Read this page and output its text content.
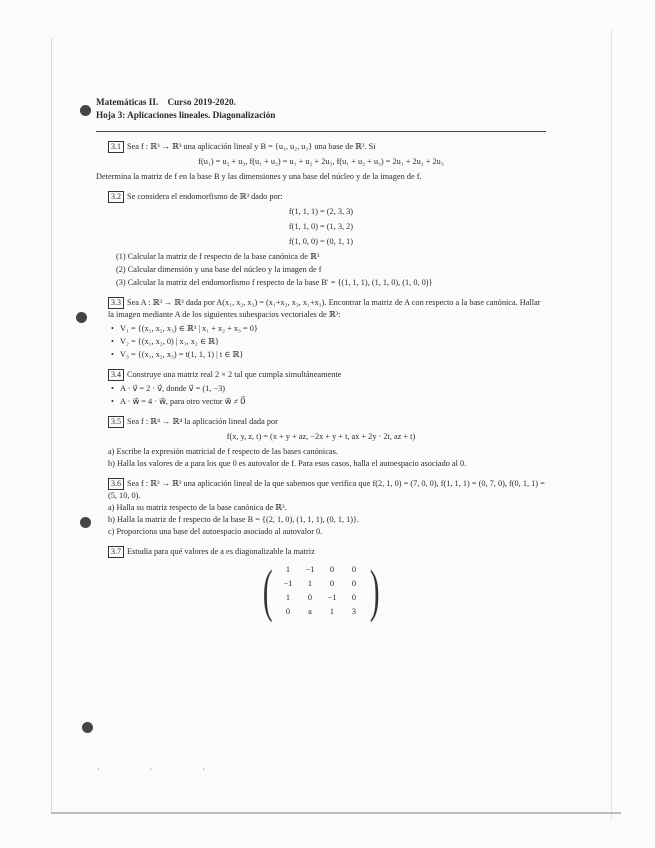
Matemáticas II.    Curso 2019-2020.
Hoja 3: Aplicaciones lineales. Diagonalización
3.1 Sea f : ℝ³ → ℝ³ una aplicación lineal y B = {u₁, u₂, u₃} una base de ℝ³. Si
f(u₁) = u₂ + u₃, f(u₁ + u₂) = u₁ + u₂ + 2u₃, f(u₁ + u₂ + u₃) = 2u₁ + 2u₂ + 2u₃
Determina la matriz de f en la base B y las dimensiones y una base del núcleo y de la imagen de f.
3.2 Se considera el endomorfismo de ℝ³ dado por:
f(1, 1, 1) = (2, 3, 3)
f(1, 1, 0) = (1, 3, 2)
f(1, 0, 0) = (0, 1, 1)
(1) Calcular la matriz de f respecto de la base canónica de ℝ³
(2) Calcular dimensión y una base del núcleo y la imagen de f
(3) Calcular la matriz del endomorfismo f respecto de la base B′ = {(1, 1, 1), (1, 1, 0), (1, 0, 0)}
3.3 Sea A : ℝ³ → ℝ³ dada por A(x₁, x₂, x₃) = (x₁+x₂, x₃, x₁+x₃). Encontrar la matriz de A con respecto a la base canónica. Hallar la imagen mediante A de los siguientes subespacios vectoriales de ℝ³:
• V₁ = {(x₁, x₂, x₃) ∈ ℝ³ | x₁ + x₂ + x₃ = 0}
• V₂ = {(x₁, x₂, 0) | x₁, x₂ ∈ ℝ}
• V₃ = {(x₁, x₂, x₃) = t(1, 1, 1) | t ∈ ℝ}
3.4 Construye una matriz real 2 × 2 tal que cumpla simultáneamente
• A · v⃗ = 2 · v⃗, donde v⃗ = (1, −3)
• A · w⃗ = 4 · w⃗, para otro vector w⃗ ≠ 0⃗
3.5 Sea f : ℝ⁴ → ℝ⁴ la aplicación lineal dada por
f(x, y, z, t) = (x + y + az, −2x + y + t, ax + 2y · 2t, az + t)
a) Escribe la expresión matricial de f respecto de las bases canónicas.
b) Halla los valores de a para los que 0 es autovalor de f. Para esos casos, halla el autoespacio asociado al 0.
3.6 Sea f : ℝ³ → ℝ³ una aplicación lineal de la que sabemos que verifica que f(2, 1, 0) = (7, 0, 0), f(1, 1, 1) = (0, 7, 0), f(0, 1, 1) = (5, 10, 0).
a) Halla su matriz respecto de la base canónica de ℝ³.
b) Halla la matriz de f respecto de la base B = {(2, 1, 0), (1, 1, 1), (0, 1, 1)}.
c) Proporciona una base del autoespacio asociado al autovalor 0.
3.7 Estudia para qué valores de a es diagonalizable la matriz
(	1	−1	0	0
−1	1	0	0
1	0	−1	0
0	a	1	3 )
· · ·
